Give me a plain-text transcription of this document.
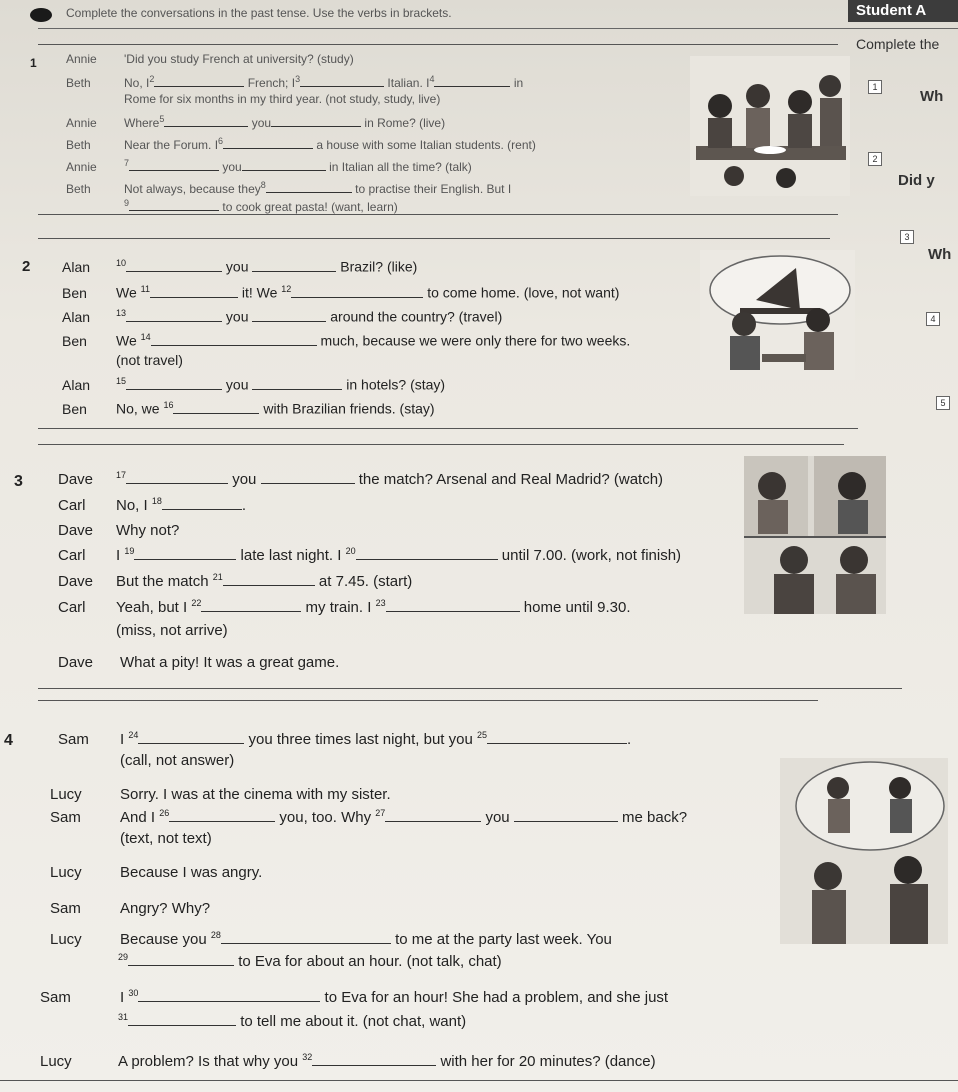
Complete the conversations in the past tense. Use the verbs in brackets.	Student A
Complete the
1
Wh
2
Did y
3
Wh
4
5
1 Annie 'Did you study French at university? (study)
Beth	No, $I^2$	French; $I^3$	Italian. $I^4$	in
Rome for six months in my third year. (not study, study, live)
Annie Where$^5$	you	in Rome? (live)
Beth	Near the Forum. $I^6$	a house with some Italian students. (rent)
Annie	$^7$	you	in Italian all the time? (talk)
Beth	Not always, because they$^8$	to practise their English. But I
$^9$	to cook great pasta! (want, learn)
2 Alan	$^{10}$	you	Brazil? (like)
Ben We $^{11}$	it! We $^{12}$	to come home. (love, not want)
Alan	$^{13}$	you	around the country? (travel)
Ben We $^{14}$	much, because we were only there for two weeks.
(not travel)
Alan	$^{15}$	you	in hotels? (stay)
Ben No, we $^{16}$	with Brazilian friends. (stay)
3 Dave	$^{17}$	you	the match? Arsenal and Real Madrid? (watch)
Carl No, I $^{18}$	.
Dave Why not?
Carl I $^{19}$	late last night. I $^{20}$	until 7.00. (work, not finish)
Dave But the match $^{21}$	at 7.45. (start)
Carl Yeah, but I $^{22}$	my train. I $^{23}$	home until 9.30.
(miss, not arrive)
Dave What a pity! It was a great game.
4	Sam I $^{24}$	you three times last night, but you $^{25}$	.
(call, not answer)
Lucy	Sorry. I was at the cinema with my sister.
Sam	And I $^{26}$	you, too. Why $^{27}$	you	me back?
(text, not text)
Lucy	Because I was angry.
Sam	Angry? Why?
Lucy	Because you $^{28}$	to me at the party last week. You
$^{29}$	to Eva for about an hour. (not talk, chat)
Sam	I $^{30}$	to Eva for an hour! She had a problem, and she just
$^{31}$	to tell me about it. (not chat, want)
Lucy	A problem? Is that why you $^{32}$	with her for 20 minutes? (dance)
